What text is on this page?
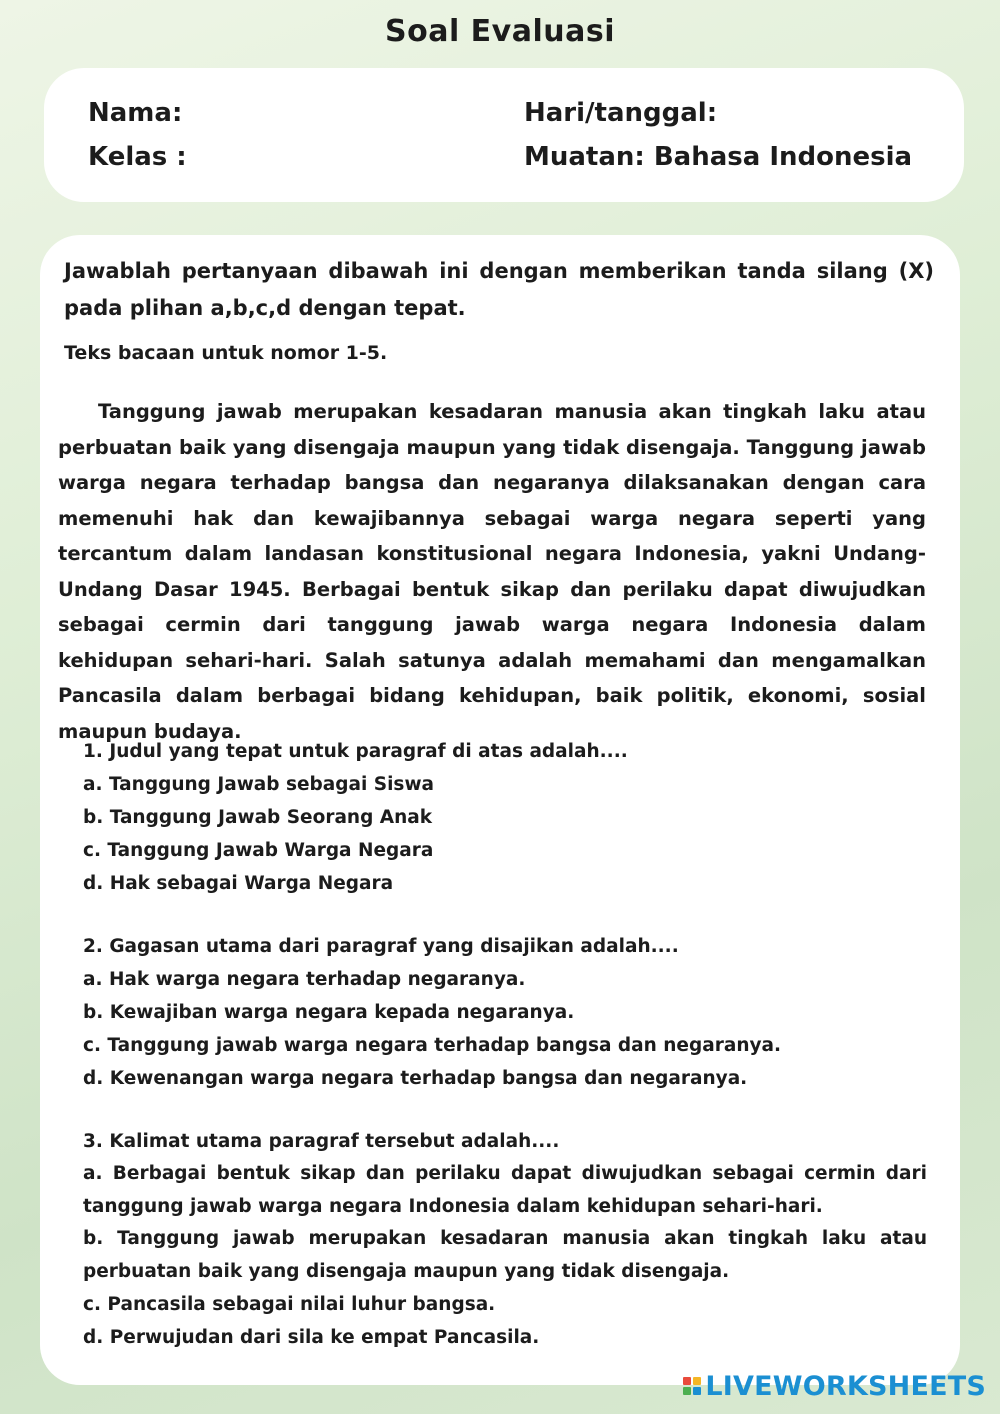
Soal Evaluasi
Nama:
Kelas :
Hari/tanggal:
Muatan: Bahasa Indonesia
Jawablah pertanyaan dibawah ini dengan memberikan tanda silang (X) pada plihan a,b,c,d dengan tepat.
Teks bacaan untuk nomor 1-5.
Tanggung jawab merupakan kesadaran manusia akan tingkah laku atau perbuatan baik yang disengaja maupun yang tidak disengaja. Tanggung jawab warga negara terhadap bangsa dan negaranya dilaksanakan dengan cara memenuhi hak dan kewajibannya sebagai warga negara seperti yang tercantum dalam landasan konstitusional negara Indonesia, yakni Undang-Undang Dasar 1945. Berbagai bentuk sikap dan perilaku dapat diwujudkan sebagai cermin dari tanggung jawab warga negara Indonesia dalam kehidupan sehari-hari. Salah satunya adalah memahami dan mengamalkan Pancasila dalam berbagai bidang kehidupan, baik politik, ekonomi, sosial maupun budaya.
1. Judul yang tepat untuk paragraf di atas adalah....
a. Tanggung Jawab sebagai Siswa
b. Tanggung Jawab Seorang Anak
c. Tanggung Jawab Warga Negara
d. Hak sebagai Warga Negara
2. Gagasan utama dari paragraf yang disajikan adalah....
a. Hak warga negara terhadap negaranya.
b. Kewajiban warga negara kepada negaranya.
c. Tanggung jawab warga negara terhadap bangsa dan negaranya.
d. Kewenangan warga negara terhadap bangsa dan negaranya.
3. Kalimat utama paragraf tersebut adalah....
a. Berbagai bentuk sikap dan perilaku dapat diwujudkan sebagai cermin dari tanggung jawab warga negara Indonesia dalam kehidupan sehari-hari.
b. Tanggung jawab merupakan kesadaran manusia akan tingkah laku atau perbuatan baik yang disengaja maupun yang tidak disengaja.
c. Pancasila sebagai nilai luhur bangsa.
d. Perwujudan dari sila ke empat Pancasila.
LIVEWORKSHEETS
